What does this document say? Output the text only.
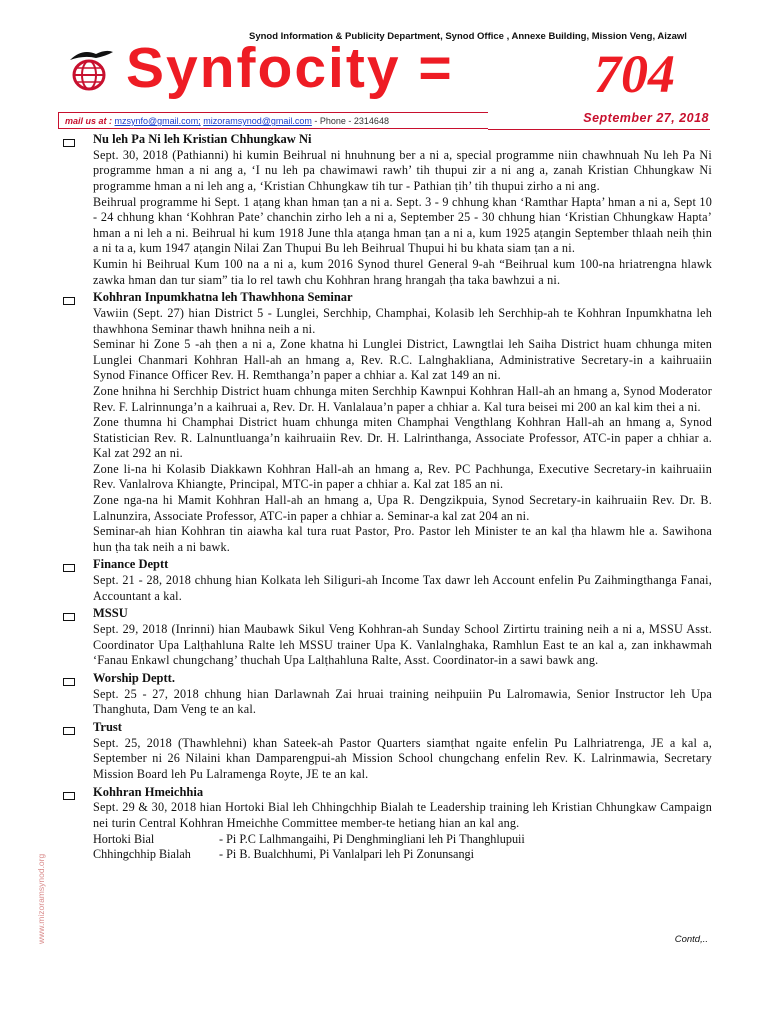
Synod Information & Publicity Department, Synod Office , Annexe Building, Mission Veng, Aizawl
Synfocity =	704
mail us at : mzsynfo@gmail.com; mizoramsynod@gmail.com - Phone - 2314648	September 27, 2018
www.mizoramsynod.org
Nu leh Pa Ni leh Kristian Chhungkaw Ni
Sept. 30, 2018 (Pathianni) hi kumin Beihrual ni hnuhnung ber a ni a, special programme niin chawhnuah Nu leh Pa Ni programme hman a ni ang a, ‘I nu leh pa chawimawi rawh’ tih thupui zir a ni ang a, zanah Kristian Chhungkaw Ni programme hman a ni leh ang a, ‘Kristian Chhungkaw tih tur - Pathian ṭih’ tih thupui zirho a ni ang.
Beihrual programme hi Sept. 1 aṭang khan hman ṭan a ni a. Sept. 3 - 9 chhung khan ‘Ramthar Hapta’ hman a ni a, Sept 10 - 24 chhung khan ‘Kohhran Pate’ chanchin zirho leh a ni a, September 25 - 30 chhung hian ‘Kristian Chhungkaw Hapta’ hman a ni leh a ni. Beihrual hi kum 1918 June thla aṭanga hman ṭan a ni a, kum 1925 aṭangin September thlaah neih ṭhin a ni ta a, kum 1947 aṭangin Nilai Zan Thupui Bu leh Beihrual Thupui hi bu khata siam ṭan a ni.
Kumin hi Beihrual Kum 100 na a ni a, kum 2016 Synod thurel General 9-ah “Beihrual kum 100-na hriatrengna hlawk zawka hman dan tur siam” tia lo rel tawh chu Kohhran hrang hrangah ṭha taka bawhzui a ni.
Kohhran Inpumkhatna leh Thawhhona Seminar
Vawiin (Sept. 27) hian District 5 - Lunglei, Serchhip, Champhai, Kolasib leh Serchhip-ah te Kohhran Inpumkhatna leh thawhhona Seminar thawh hnihna neih a ni.
Seminar hi Zone 5 -ah ṭhen a ni a, Zone khatna hi Lunglei District, Lawngtlai leh Saiha District huam chhunga miten Lunglei Chanmari Kohhran Hall-ah an hmang a, Rev. R.C. Lalnghakliana, Administrative Secretary-in a kaihruaiin Synod Finance Officer Rev. H. Remthanga’n paper a chhiar a. Kal zat 149 an ni.
Zone hnihna hi Serchhip District huam chhunga miten Serchhip Kawnpui Kohhran Hall-ah an hmang a, Synod Moderator Rev. F. Lalrinnunga’n a kaihruai a, Rev. Dr. H. Vanlalaua’n paper a chhiar a. Kal tura beisei mi 200 an kal kim thei a ni.
Zone thumna hi Champhai District huam chhunga miten Champhai Vengthlang Kohhran Hall-ah an hmang a, Synod Statistician Rev. R. Lalnuntluanga’n kaihruaiin Rev. Dr. H. Lalrinthanga, Associate Professor, ATC-in paper a chhiar a. Kal zat 292 an ni.
Zone li-na hi Kolasib Diakkawn Kohhran Hall-ah an hmang a, Rev. PC Pachhunga, Executive Secretary-in kaihruaiin Rev. Vanlalrova Khiangte, Principal, MTC-in paper a chhiar a. Kal zat 185 an ni.
Zone nga-na hi Mamit Kohhran Hall-ah an hmang a, Upa R. Dengzikpuia, Synod Secretary-in kaihruaiin Rev. Dr. B. Lalnunzira, Associate Professor, ATC-in paper a chhiar a. Seminar-a kal zat 204 an ni.
Seminar-ah hian Kohhran tin aiawha kal tura ruat Pastor, Pro. Pastor leh Minister te an kal ṭha hlawm hle a. Sawihona hun ṭha tak neih a ni bawk.
Finance Deptt
Sept. 21 - 28, 2018 chhung hian Kolkata leh Siliguri-ah Income Tax dawr leh Account enfelin Pu Zaihmingthanga Fanai, Accountant a kal.
MSSU
Sept. 29, 2018 (Inrinni) hian Maubawk Sikul Veng Kohhran-ah Sunday School Zirtirtu training neih a ni a, MSSU Asst. Coordinator Upa Lalṭhahluna Ralte leh MSSU trainer Upa K. Vanlalnghaka, Ramhlun East te an kal a, zan inkhawmah ‘Fanau Enkawl chungchang’ thuchah Upa Lalṭhahluna Ralte, Asst. Coordinator-in a sawi bawk ang.
Worship Deptt.
Sept. 25 - 27, 2018 chhung hian Darlawnah Zai hruai training neihpuiin Pu Lalromawia, Senior Instructor leh Upa Thanghuta, Dam Veng te an kal.
Trust
Sept. 25, 2018 (Thawhlehni) khan Sateek-ah Pastor Quarters siamṭhat ngaite enfelin Pu Lalhriatrenga, JE a kal a, September ni 26 Nilaini khan Damparengpui-ah Mission School chungchang enfelin Rev. K. Lalrinmawia, Secretary Mission Board leh Pu Lalramenga Royte, JE te an kal.
Kohhran Hmeichhia
Sept. 29 & 30, 2018 hian Hortoki Bial leh Chhingchhip Bialah te Leadership training leh Kristian Chhungkaw Campaign nei turin Central Kohhran Hmeichhe Committee member-te hetiang hian an kal ang.
Hortoki Bial	- Pi P.C Lalhmangaihi, Pi Denghmingliani leh Pi Thanghlupuii
Chhingchhip Bialah	- Pi B. Bualchhumi, Pi Vanlalpari leh Pi Zonunsangi
Contd,..
